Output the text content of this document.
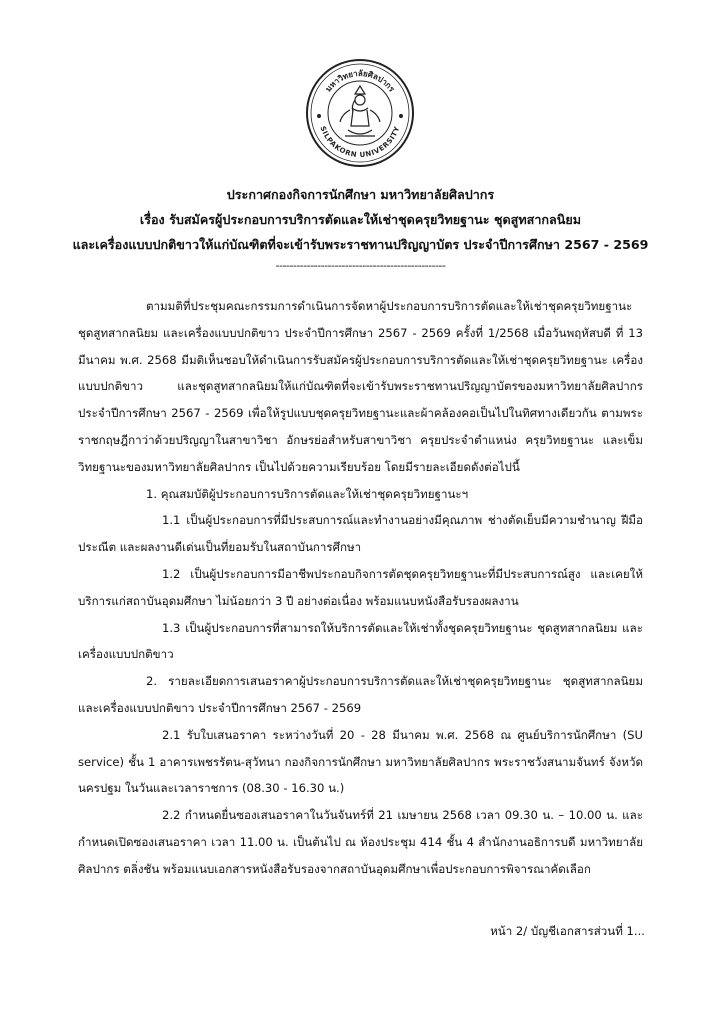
มหาวิทยาลัยศิลปากร
SILPAKORN UNIVERSITY
ประกาศกองกิจการนักศึกษา มหาวิทยาลัยศิลปากร
เรื่อง รับสมัครผู้ประกอบการบริการตัดและให้เช่าชุดครุยวิทยฐานะ ชุดสูทสากลนิยม
และเครื่องแบบปกติขาวให้แก่บัณฑิตที่จะเข้ารับพระราชทานปริญญาบัตร ประจำปีการศึกษา 2567 - 2569
-------------------------------------------------

ตามมติที่ประชุมคณะกรรมการดำเนินการจัดหาผู้ประกอบการบริการตัดและให้เช่าชุดครุยวิทยฐานะ ชุดสูทสากลนิยม และเครื่องแบบปกติขาว ประจำปีการศึกษา 2567 - 2569 ครั้งที่ 1/2568 เมื่อวันพฤหัสบดี ที่ 13 มีนาคม พ.ศ. 2568 มีมติเห็นชอบให้ดำเนินการรับสมัครผู้ประกอบการบริการตัดและให้เช่าชุดครุยวิทยฐานะ เครื่องแบบปกติขาว และชุดสูทสากลนิยมให้แก่บัณฑิตที่จะเข้ารับพระราชทานปริญญาบัตรของมหาวิทยาลัยศิลปากร ประจำปีการศึกษา 2567 - 2569 เพื่อให้รูปแบบชุดครุยวิทยฐานะและผ้าคล้องคอเป็นไปในทิศทางเดียวกัน ตามพระราชกฤษฎีกาว่าด้วยปริญญาในสาขาวิชา อักษรย่อสำหรับสาขาวิชา ครุยประจำตำแหน่ง ครุยวิทยฐานะ และเข็มวิทยฐานะของมหาวิทยาลัยศิลปากร เป็นไปด้วยความเรียบร้อย โดยมีรายละเอียดดังต่อไปนี้

1. คุณสมบัติผู้ประกอบการบริการตัดและให้เช่าชุดครุยวิทยฐานะฯ

1.1 เป็นผู้ประกอบการที่มีประสบการณ์และทำงานอย่างมีคุณภาพ ช่างตัดเย็บมีความชำนาญ ฝีมือประณีต และผลงานดีเด่นเป็นที่ยอมรับในสถาบันการศึกษา

1.2 เป็นผู้ประกอบการมีอาชีพประกอบกิจการตัดชุดครุยวิทยฐานะที่มีประสบการณ์สูง และเคยให้บริการแก่สถาบันอุดมศึกษา ไม่น้อยกว่า 3 ปี อย่างต่อเนื่อง พร้อมแนบหนังสือรับรองผลงาน

1.3 เป็นผู้ประกอบการที่สามารถให้บริการตัดและให้เช่าทั้งชุดครุยวิทยฐานะ ชุดสูทสากลนิยม และเครื่องแบบปกติขาว

2. รายละเอียดการเสนอราคาผู้ประกอบการบริการตัดและให้เช่าชุดครุยวิทยฐานะ ชุดสูทสากลนิยม และเครื่องแบบปกติขาว ประจำปีการศึกษา 2567 - 2569

2.1 รับใบเสนอราคา ระหว่างวันที่ 20 - 28 มีนาคม พ.ศ. 2568 ณ ศูนย์บริการนักศึกษา (SU service) ชั้น 1 อาคารเพชรรัตน-สุวัทนา กองกิจการนักศึกษา มหาวิทยาลัยศิลปากร พระราชวังสนามจันทร์ จังหวัดนครปฐม ในวันและเวลาราชการ (08.30 - 16.30 น.)

2.2 กำหนดยื่นซองเสนอราคาในวันจันทร์ที่ 21 เมษายน 2568 เวลา 09.30 น. – 10.00 น. และกำหนดเปิดซองเสนอราคา เวลา 11.00 น. เป็นต้นไป ณ ห้องประชุม 414 ชั้น 4 สำนักงานอธิการบดี มหาวิทยาลัยศิลปากร ตลิ่งชัน พร้อมแนบเอกสารหนังสือรับรองจากสถาบันอุดมศึกษาเพื่อประกอบการพิจารณาคัดเลือก

หน้า 2/ บัญชีเอกสารส่วนที่ 1...
